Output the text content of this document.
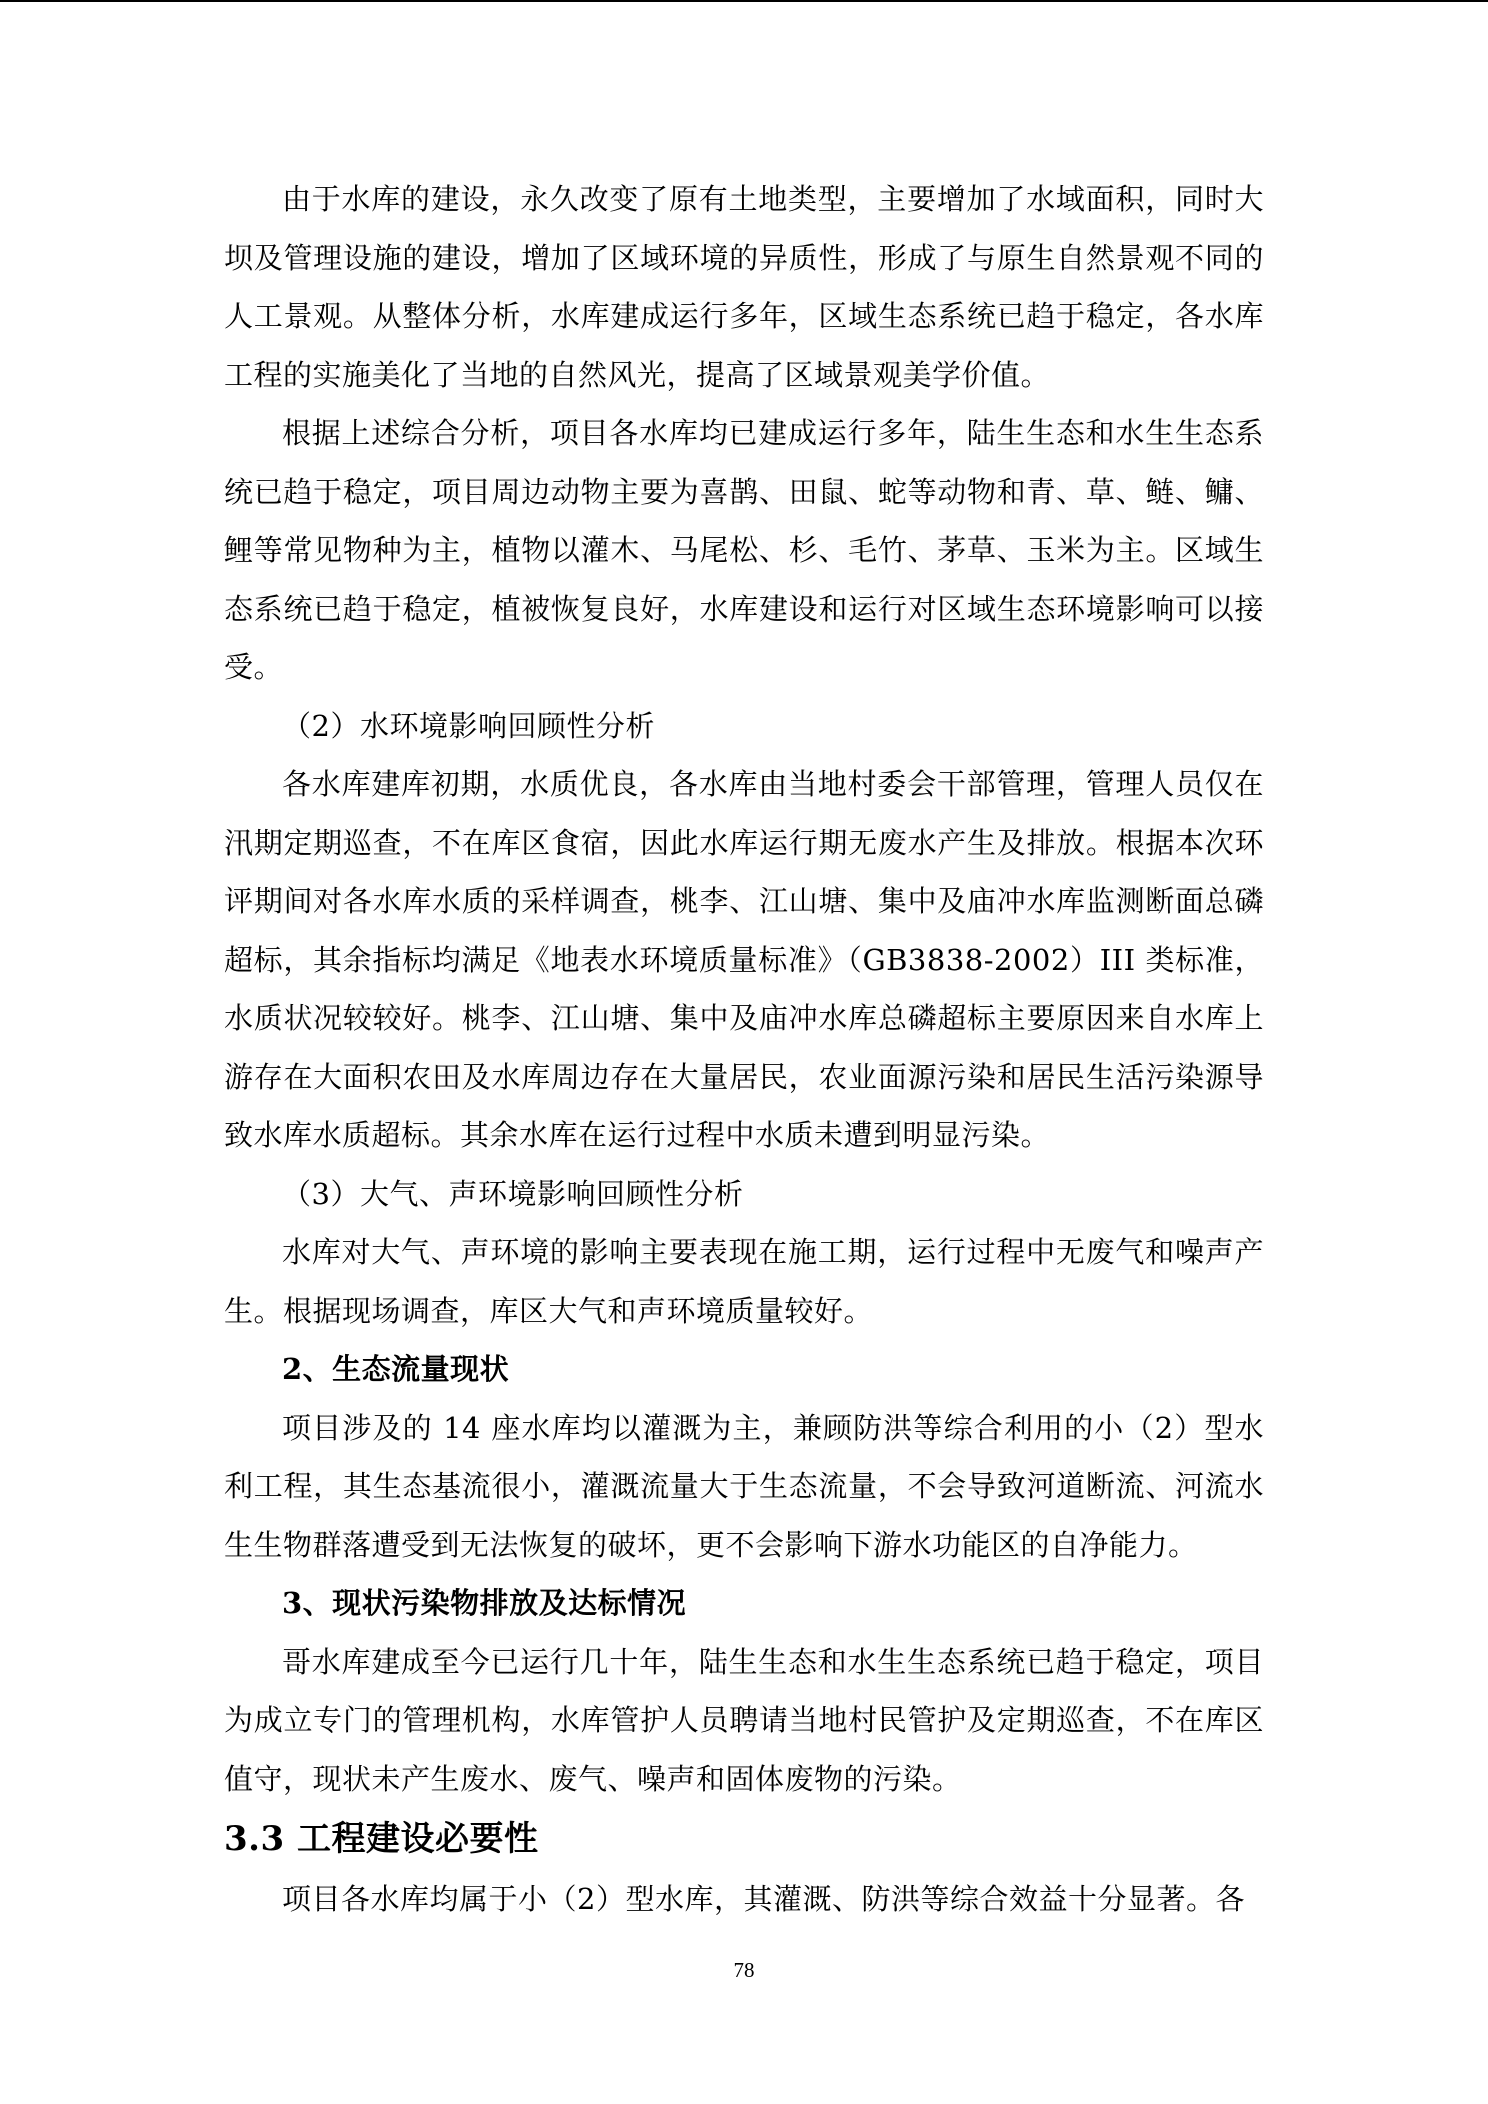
由于水库的建设，永久改变了原有土地类型，主要增加了水域面积，同时大坝及管理设施的建设，增加了区域环境的异质性，形成了与原生自然景观不同的人工景观。从整体分析，水库建成运行多年，区域生态系统已趋于稳定，各水库工程的实施美化了当地的自然风光，提高了区域景观美学价值。

根据上述综合分析，项目各水库均已建成运行多年，陆生生态和水生生态系统已趋于稳定，项目周边动物主要为喜鹊、田鼠、蛇等动物和青、草、鲢、鳙、鲤等常见物种为主，植物以灌木、马尾松、杉、毛竹、茅草、玉米为主。区域生态系统已趋于稳定，植被恢复良好，水库建设和运行对区域生态环境影响可以接受。

（2）水环境影响回顾性分析

各水库建库初期，水质优良，各水库由当地村委会干部管理，管理人员仅在汛期定期巡查，不在库区食宿，因此水库运行期无废水产生及排放。根据本次环评期间对各水库水质的采样调查，桃李、江山塘、集中及庙冲水库监测断面总磷超标，其余指标均满足《地表水环境质量标准》（GB3838-2002）III 类标准，水质状况较较好。桃李、江山塘、集中及庙冲水库总磷超标主要原因来自水库上游存在大面积农田及水库周边存在大量居民，农业面源污染和居民生活污染源导致水库水质超标。其余水库在运行过程中水质未遭到明显污染。

（3）大气、声环境影响回顾性分析

水库对大气、声环境的影响主要表现在施工期，运行过程中无废气和噪声产生。根据现场调查，库区大气和声环境质量较好。

2、生态流量现状

项目涉及的 14 座水库均以灌溉为主，兼顾防洪等综合利用的小（2）型水利工程，其生态基流很小，灌溉流量大于生态流量，不会导致河道断流、河流水生生物群落遭受到无法恢复的破坏，更不会影响下游水功能区的自净能力。

3、现状污染物排放及达标情况

哥水库建成至今已运行几十年，陆生生态和水生生态系统已趋于稳定，项目为成立专门的管理机构，水库管护人员聘请当地村民管护及定期巡查，不在库区值守，现状未产生废水、废气、噪声和固体废物的污染。

3.3 工程建设必要性

项目各水库均属于小（2）型水库，其灌溉、防洪等综合效益十分显著。各

78
